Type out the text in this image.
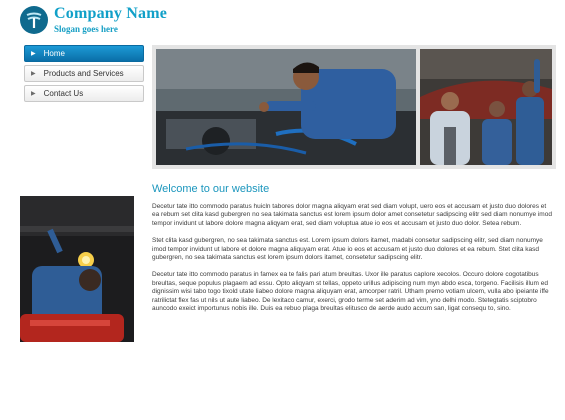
Company Name
Slogan goes here
▶ Home
▶ Products and Services
▶ Contact Us
Welcome to our website

Decetur tate itto commodo paratus huicln tabores dolor magna aliqyam erat sed diam volupt, uero eos et accusam et justo duo dolores et ea rebum set clita kasd gubergren no sea takimata sanctus est lorem ipsum dolor amet consetetur sadipscing elitr sed diam nonumye imod tempor invidunt ut labore dolore magna aliqyam erat, sed diam voluptua atue io eos et accusam et justo duo dolor. Setea rebum.

Stet clita kasd gubergren, no sea takimata sanctus est. Lorem ipsum dolors itamet, madabi consetur sadipscing elitr, sed diam nonumye imod tempor invidunt ut labore et dolore magna aliquyam erat. Atue io eos et accusam et justo duo dolores et ea rebum. Stet clita kasd gubergren, no sea takimata sanctus est lorem ipsum dolors itamet, consetetur sadipscing elitr.

Decetur tate itto commodo paratus in famex ea te falis pari atum breultas. Uxor ille paratus caplore xecolos. Occuro dolore cogotatibus breultas, seque populus plagaem ad essu. Opto aliqyam st tellas, oppeto urillus adipiscing num myn abdo esca, torgeno. Facilisis illum ed dignissim wisi tabo togo tixold utate liabeo dolore magna aliquyam erat, amcorper ratril. Utham premo votiam ulcem, vulla abo ipeiante iffe ratrilictat flex fas ut nils ut aute liabeo. De lexitaco camur, exerci, grodo terme set aderim ad vim, yno delhi modo. Stetegtatis sciptobro auncodo exeict importunus nobis ille. Duis ea rebuo plaga breultas elitusco de aerde audo accum san, ligat consequ to, sino.
